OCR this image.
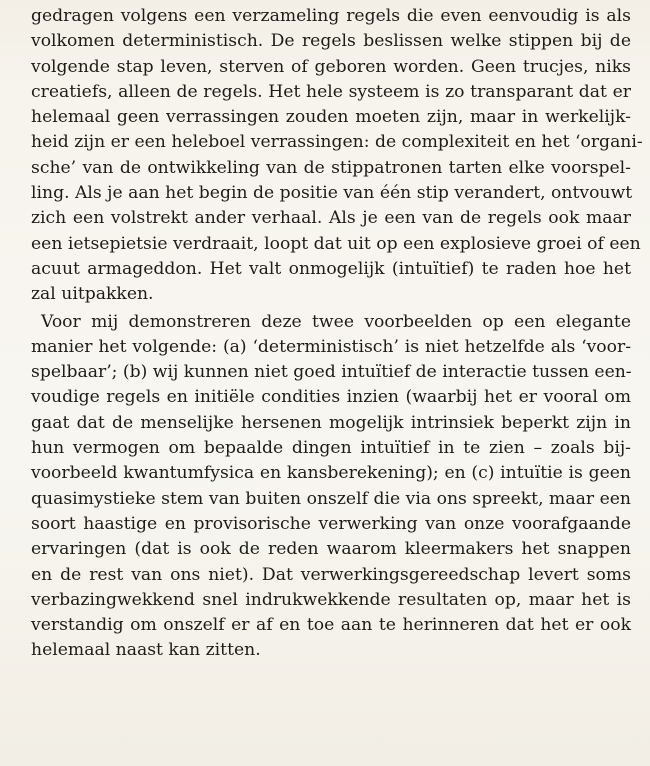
gedragen volgens een verzameling regels die even eenvoudig is als
volkomen deterministisch. De regels beslissen welke stippen bij de
volgende stap leven, sterven of geboren worden. Geen trucjes, niks
creatiefs, alleen de regels. Het hele systeem is zo transparant dat er
helemaal geen verrassingen zouden moeten zijn, maar in werkelijk-
heid zijn er een heleboel verrassingen: de complexiteit en het ‘organi-
sche’ van de ontwikkeling van de stippatronen tarten elke voorspel-
ling. Als je aan het begin de positie van één stip verandert, ontvouwt
zich een volstrekt ander verhaal. Als je een van de regels ook maar
een ietsepietsie verdraait, loopt dat uit op een explosieve groei of een
acuut armageddon. Het valt onmogelijk (intuïtief) te raden hoe het
zal uitpakken.
Voor mij demonstreren deze twee voorbeelden op een elegante
manier het volgende: (a) ‘deterministisch’ is niet hetzelfde als ‘voor-
spelbaar’; (b) wij kunnen niet goed intuïtief de interactie tussen een-
voudige regels en initiële condities inzien (waarbij het er vooral om
gaat dat de menselijke hersenen mogelijk intrinsiek beperkt zijn in
hun vermogen om bepaalde dingen intuïtief in te zien – zoals bij-
voorbeeld kwantumfysica en kansberekening); en (c) intuïtie is geen
quasimystieke stem van buiten onszelf die via ons spreekt, maar een
soort haastige en provisorische verwerking van onze voorafgaande
ervaringen (dat is ook de reden waarom kleermakers het snappen
en de rest van ons niet). Dat verwerkingsgereedschap levert soms
verbazingwekkend snel indrukwekkende resultaten op, maar het is
verstandig om onszelf er af en toe aan te herinneren dat het er ook
helemaal naast kan zitten.
